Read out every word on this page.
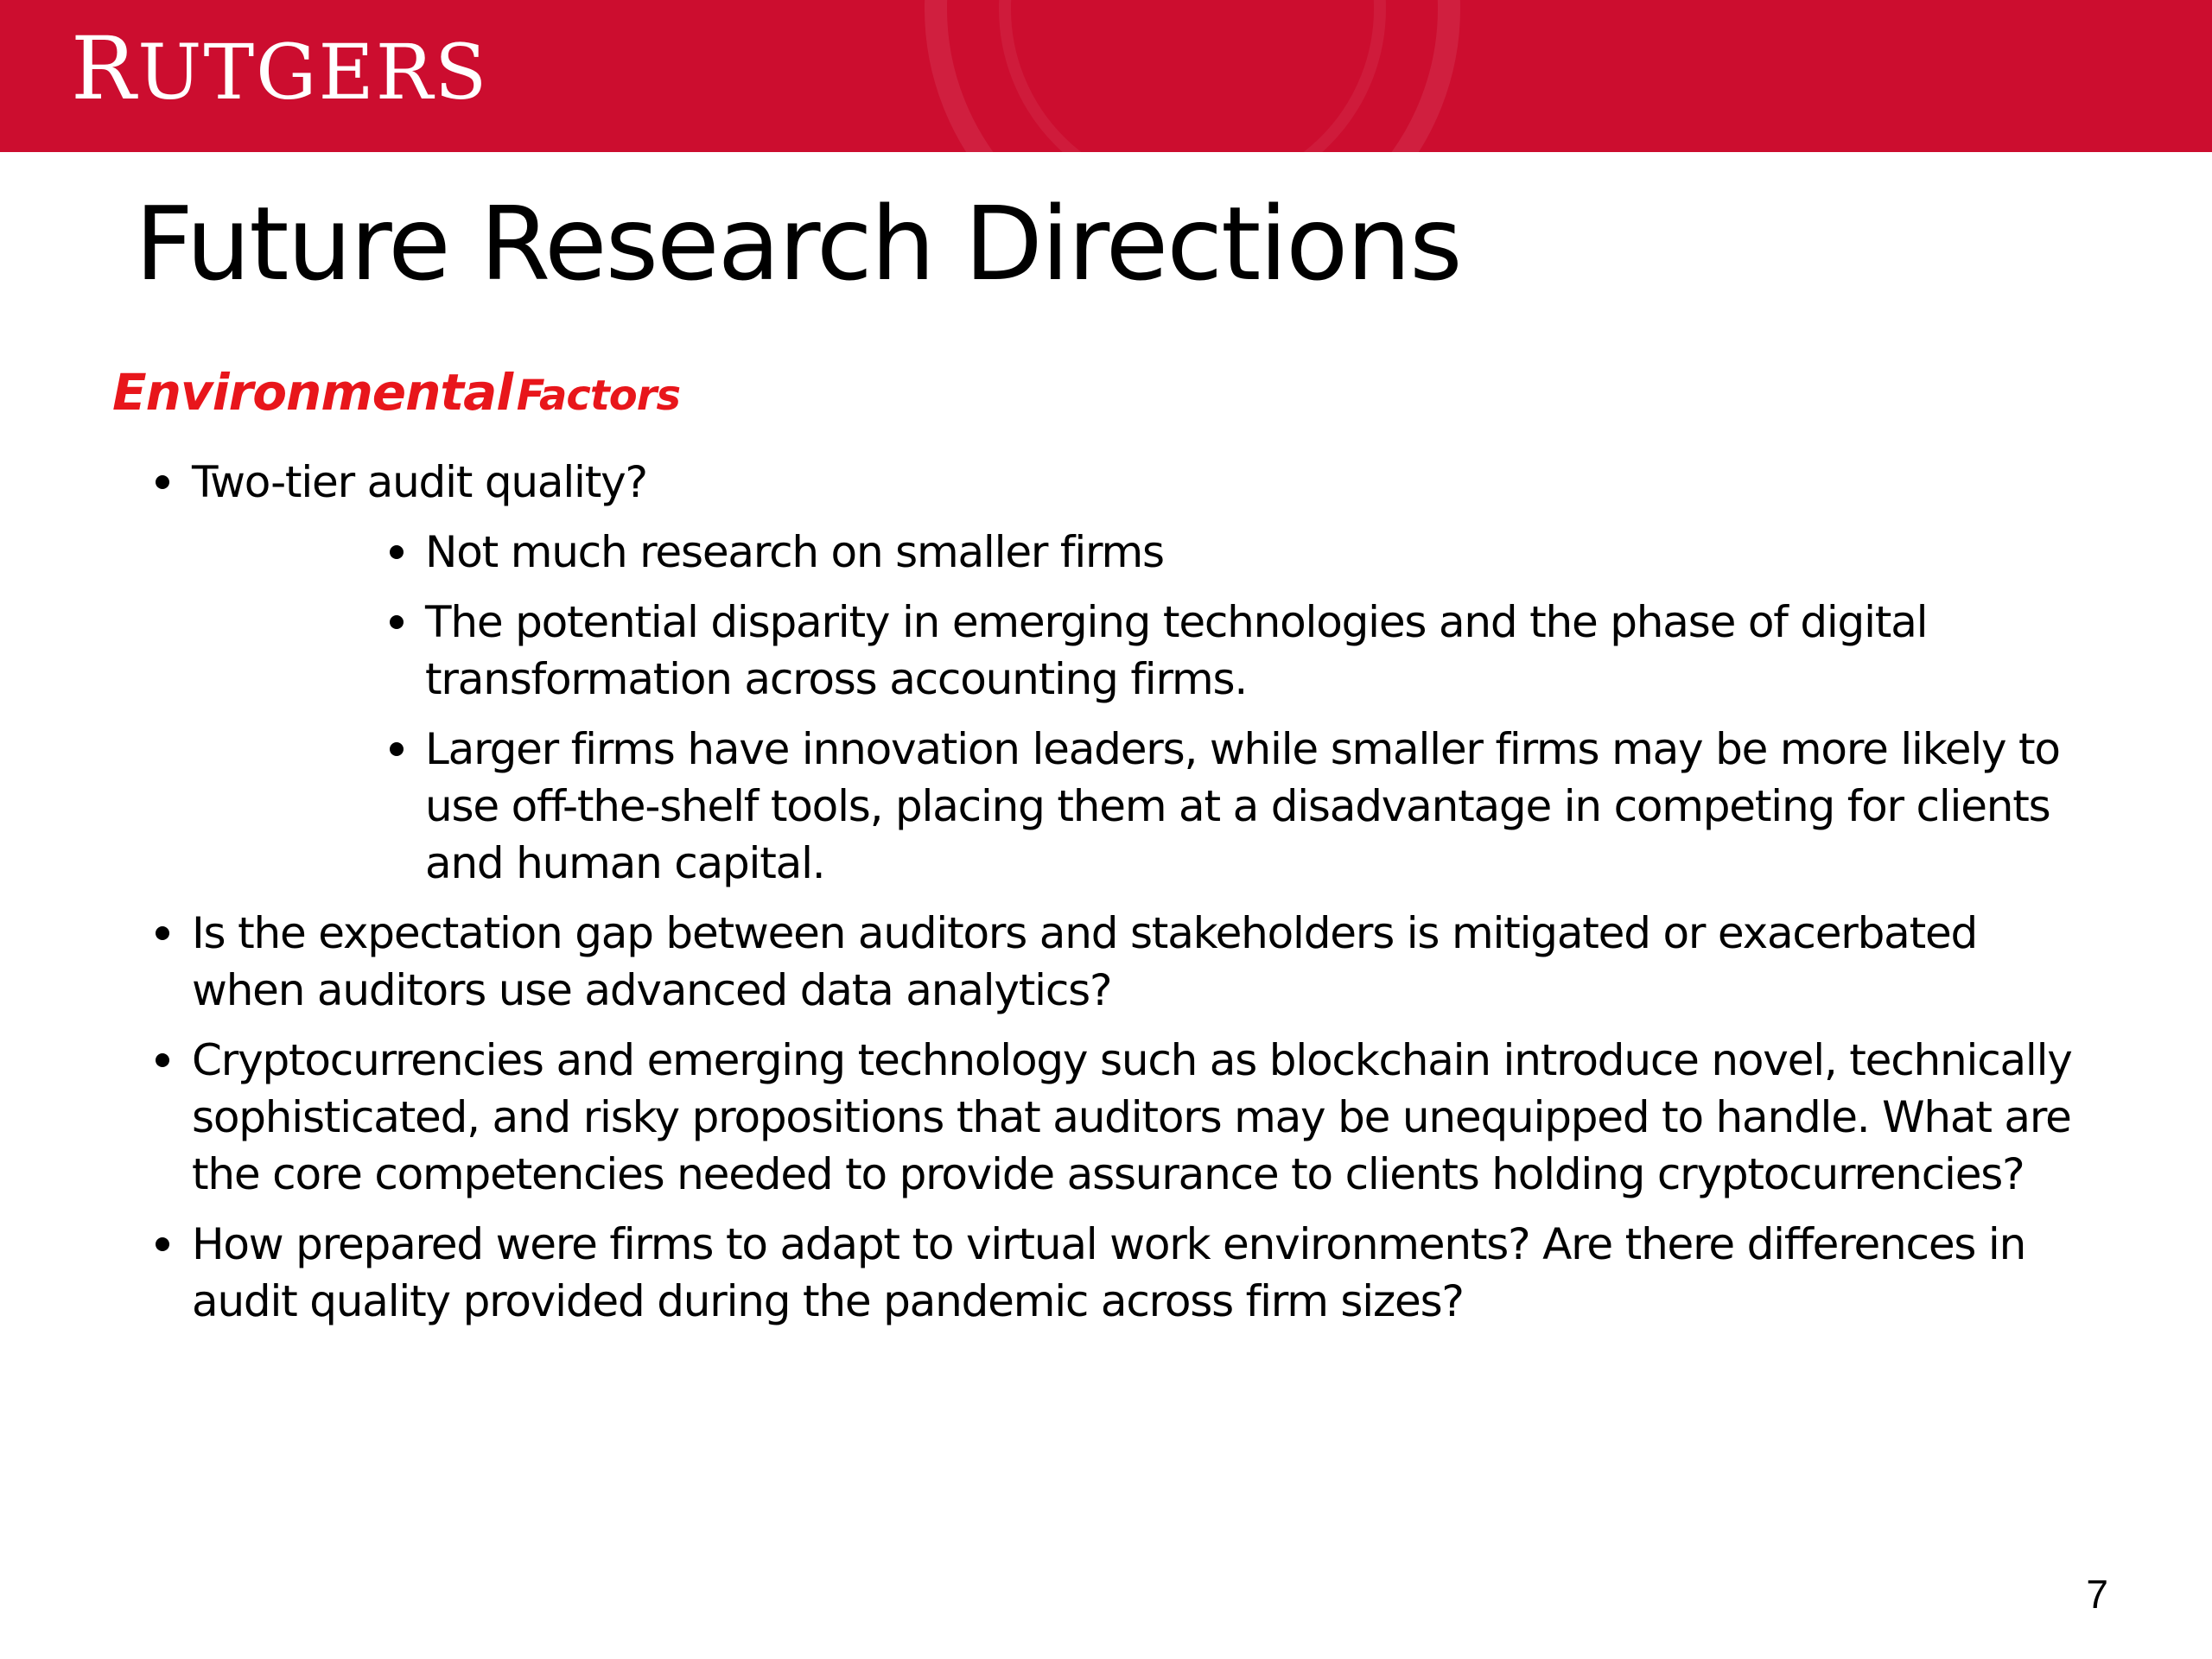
RUTGERS
Future Research Directions
Environmental Factors
Two-tier audit quality?
Not much research on smaller firms
The potential disparity in emerging technologies and the phase of digital transformation across accounting firms.
Larger firms have innovation leaders, while smaller firms may be more likely to use off-the-shelf tools, placing them at a disadvantage in competing for clients and human capital.
Is the expectation gap between auditors and stakeholders is mitigated or exacerbated when auditors use advanced data analytics?
Cryptocurrencies and emerging technology such as blockchain introduce novel, technically sophisticated, and risky propositions that auditors may be unequipped to handle. What are the core competencies needed to provide assurance to clients holding cryptocurrencies?
How prepared were firms to adapt to virtual work environments? Are there differences in audit quality provided during the pandemic across firm sizes?
7
